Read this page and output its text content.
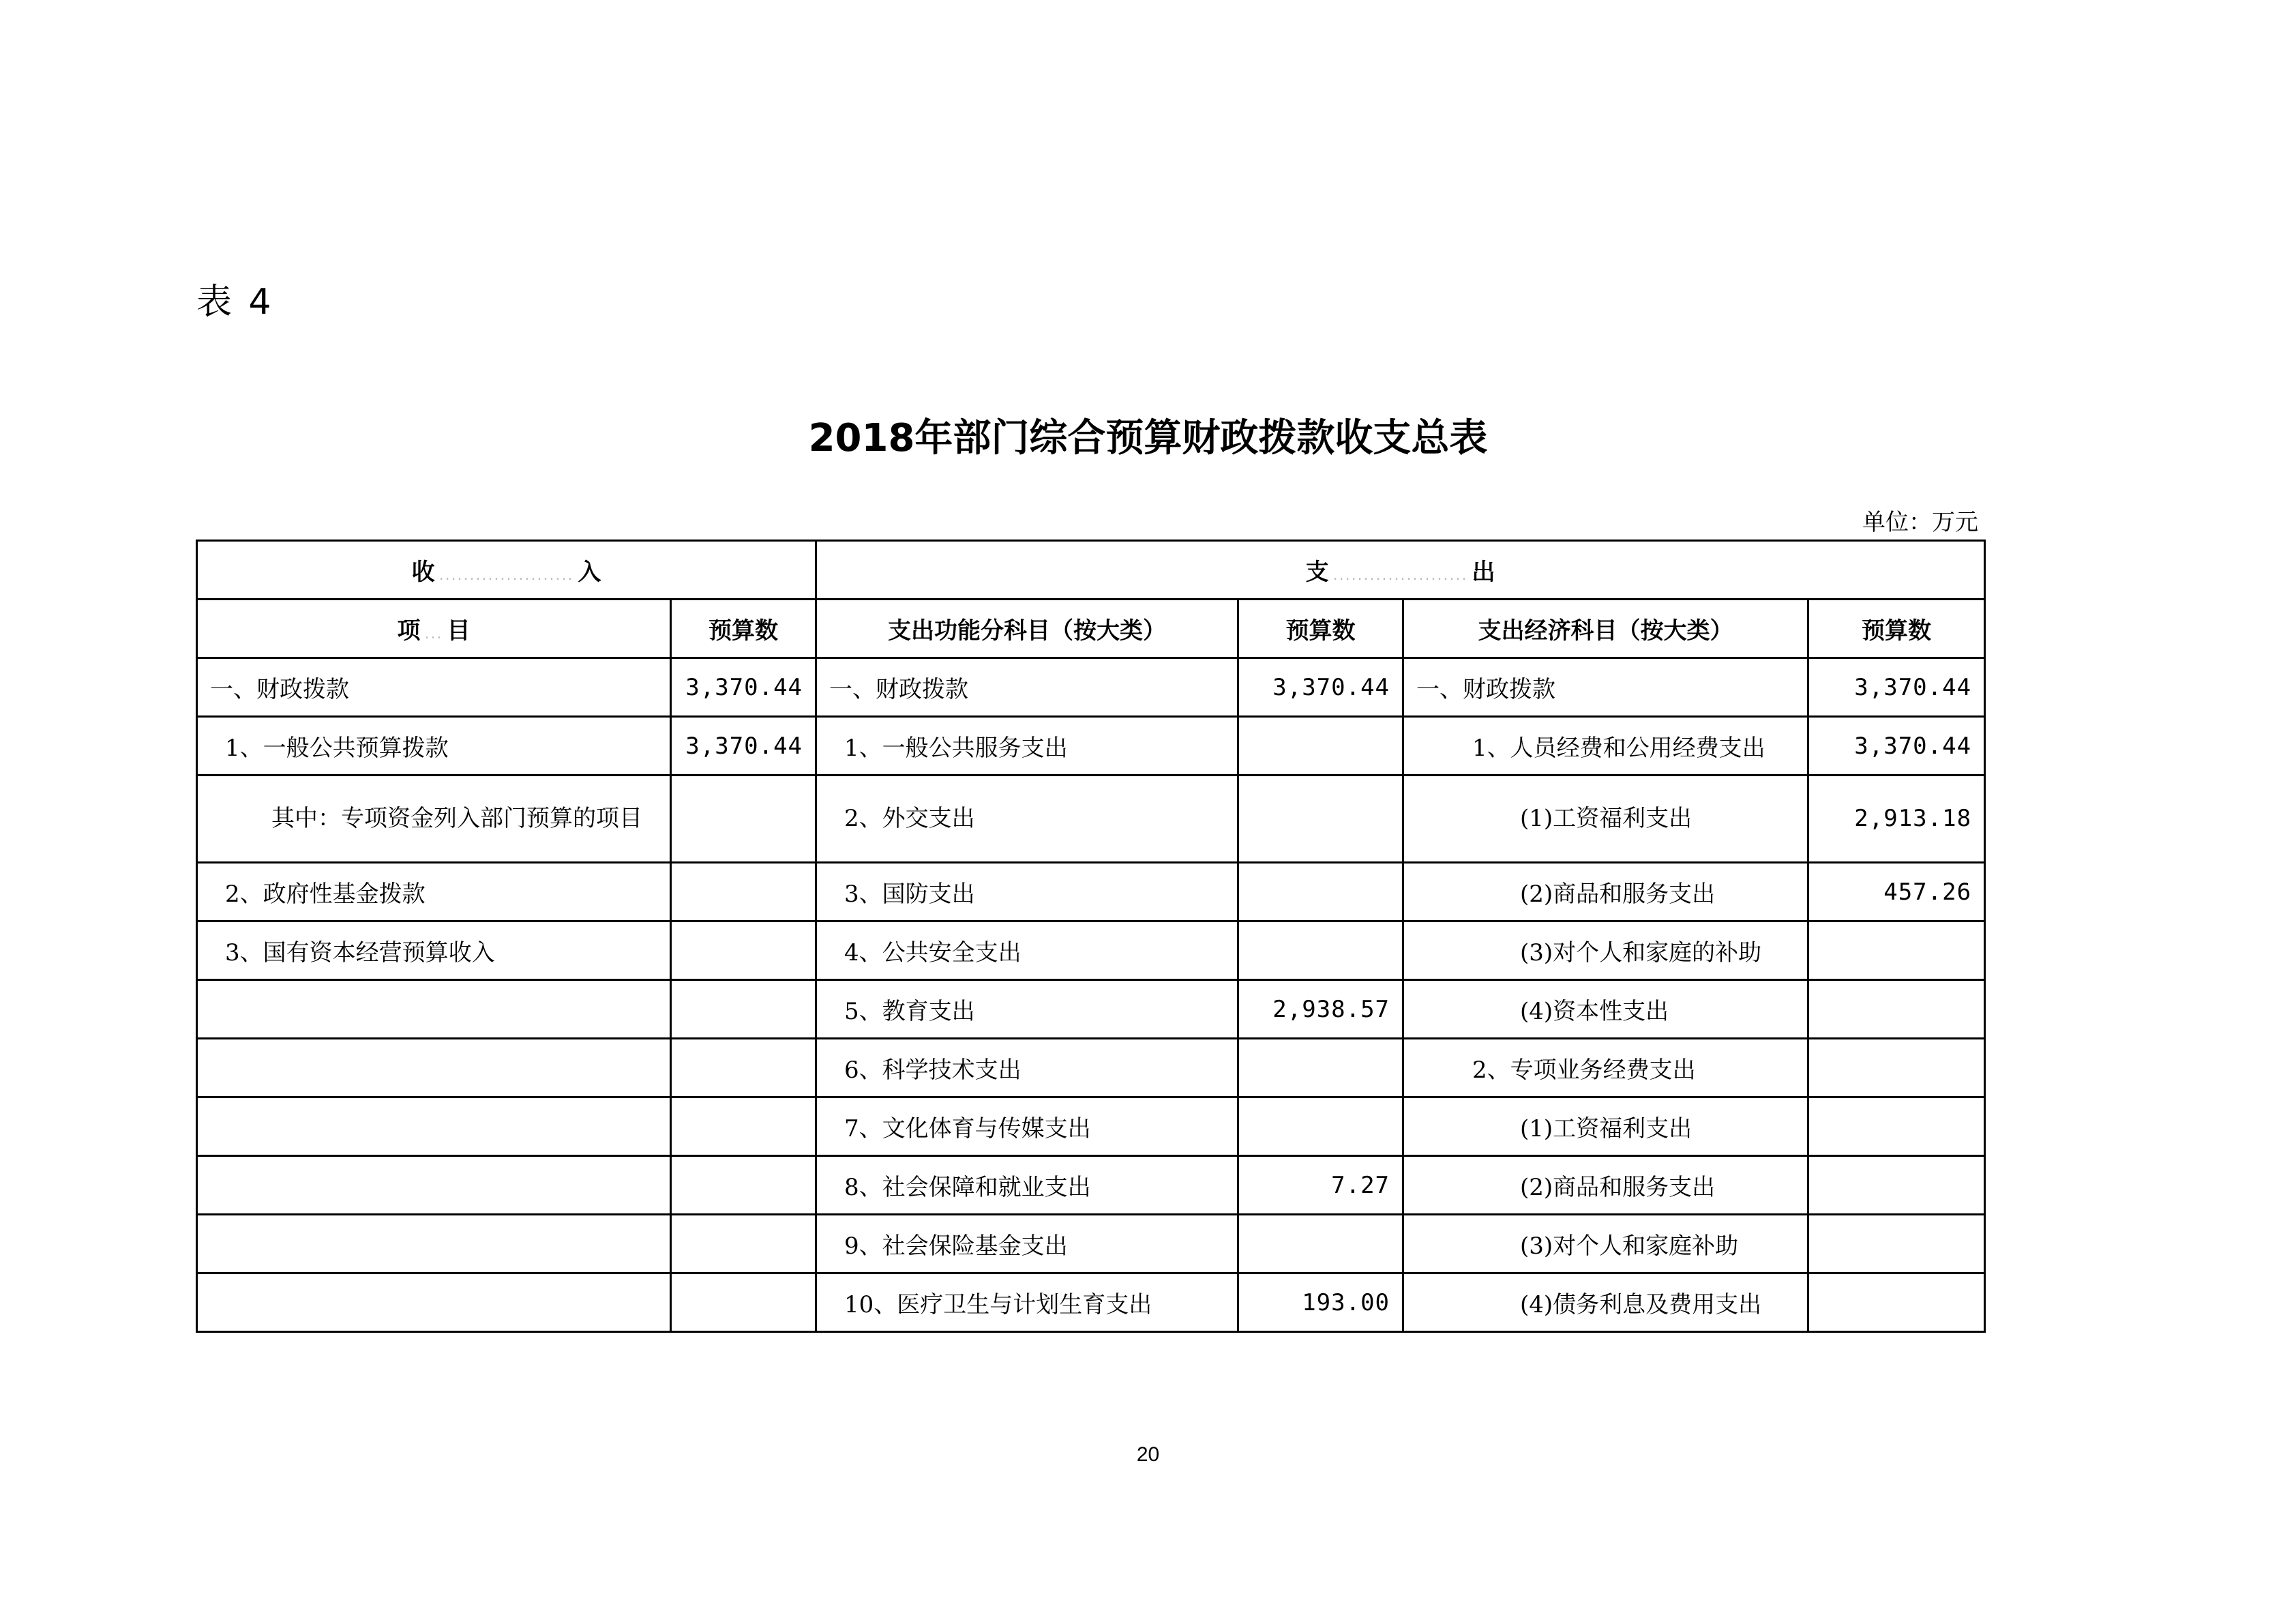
表 4
2018年部门综合预算财政拨款收支总表
单位：万元
收 ...................... 入		支 ...................... 出			
项 ... 目	预算数	支出功能分科目（按大类）	预算数	支出经济科目（按大类）	预算数
一、财政拨款	3,370.44	一、财政拨款	3,370.44	一、财政拨款	3,370.44
1、一般公共预算拨款	3,370.44	1、一般公共服务支出		1、人员经费和公用经费支出	3,370.44
其中：专项资金列入部门预算的项目		2、外交支出		(1)工资福利支出	2,913.18
2、政府性基金拨款		3、国防支出		(2)商品和服务支出	457.26
3、国有资本经营预算收入		4、公共安全支出		(3)对个人和家庭的补助	
		5、教育支出	2,938.57	(4)资本性支出	
		6、科学技术支出		2、专项业务经费支出	
		7、文化体育与传媒支出		(1)工资福利支出	
		8、社会保障和就业支出	7.27	(2)商品和服务支出	
		9、社会保险基金支出		(3)对个人和家庭补助	
		10、医疗卫生与计划生育支出	193.00	(4)债务利息及费用支出	
20
